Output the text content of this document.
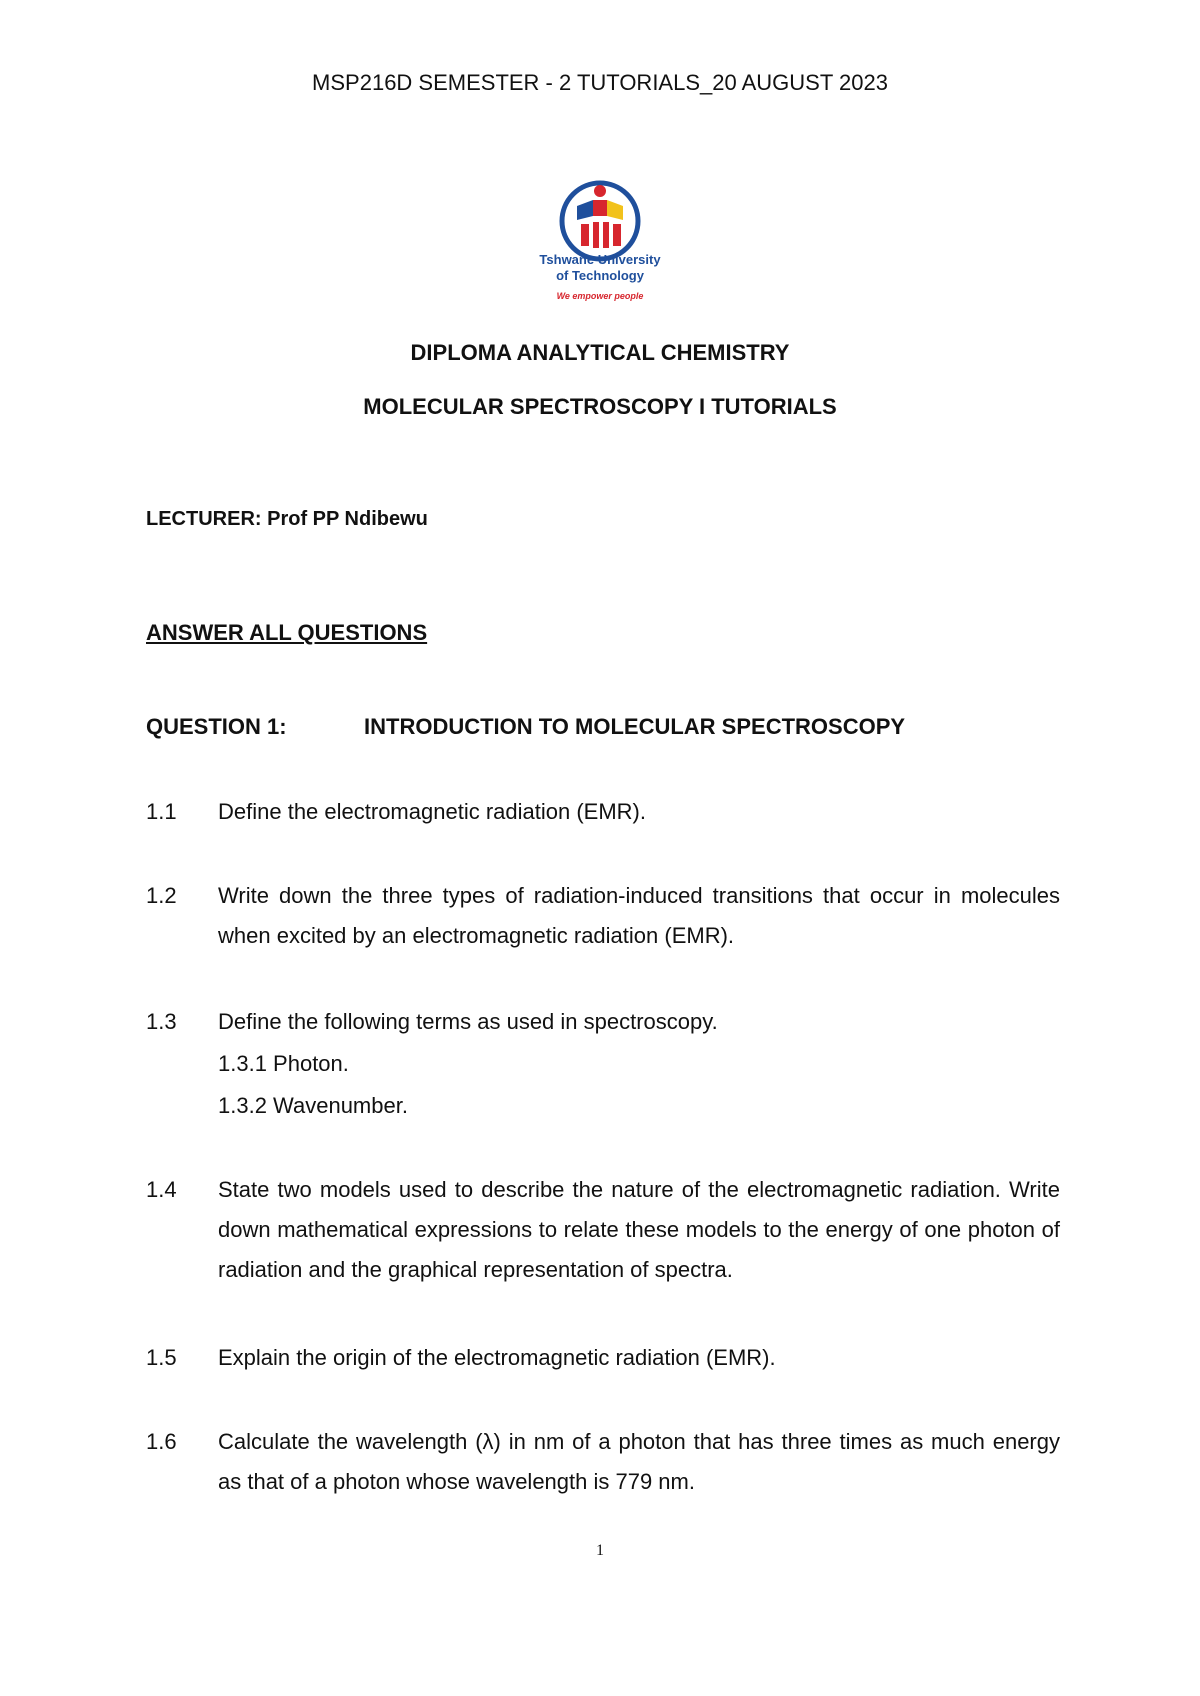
MSP216D SEMESTER - 2 TUTORIALS_20 AUGUST 2023
Tshwane University
of Technology
We empower people
DIPLOMA ANALYTICAL CHEMISTRY
MOLECULAR SPECTROSCOPY I TUTORIALS
LECTURER: Prof PP Ndibewu
ANSWER ALL QUESTIONS
QUESTION 1:	INTRODUCTION TO MOLECULAR SPECTROSCOPY
1.1 Define the electromagnetic radiation (EMR).
1.2 Write down the three types of radiation-induced transitions that occur in molecules when excited by an electromagnetic radiation (EMR).
1.3 Define the following terms as used in spectroscopy.
1.3.1 Photon.
1.3.2 Wavenumber.
1.4 State two models used to describe the nature of the electromagnetic radiation. Write down mathematical expressions to relate these models to the energy of one photon of radiation and the graphical representation of spectra.
1.5 Explain the origin of the electromagnetic radiation (EMR).
1.6 Calculate the wavelength (λ) in nm of a photon that has three times as much energy as that of a photon whose wavelength is 779 nm.
1
